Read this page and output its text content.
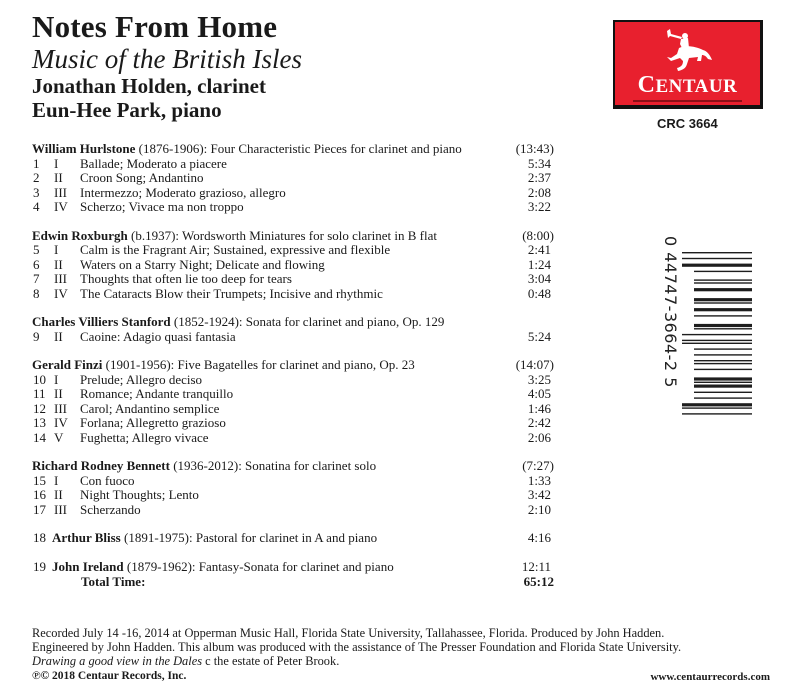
Notes From Home
Music of the British Isles
Jonathan Holden, clarinet
Eun-Hee Park, piano
CENTAUR
CRC 3664
William Hurlstone (1876-1906): Four Characteristic Pieces for clarinet and piano	(13:43)
1 I Ballade; Moderato a piacere	5:34
2 II Croon Song; Andantino	2:37
3 III Intermezzo; Moderato grazioso, allegro	2:08
4 IV Scherzo; Vivace ma non troppo	3:22
Edwin Roxburgh (b.1937): Wordsworth Miniatures for solo clarinet in B flat	(8:00)
5 I Calm is the Fragrant Air; Sustained, expressive and flexible	2:41
6 II Waters on a Starry Night; Delicate and flowing	1:24
7 III Thoughts that often lie too deep for tears	3:04
8 IV The Cataracts Blow their Trumpets; Incisive and rhythmic	0:48
Charles Villiers Stanford (1852-1924): Sonata for clarinet and piano, Op. 129
9 II Caoine: Adagio quasi fantasia	5:24
Gerald Finzi (1901-1956): Five Bagatelles for clarinet and piano, Op. 23	(14:07)
10 I Prelude; Allegro deciso	3:25
11 II Romance; Andante tranquillo	4:05
12 III Carol; Andantino semplice	1:46
13 IV Forlana; Allegretto grazioso	2:42
14 V Fughetta; Allegro vivace	2:06
Richard Rodney Bennett (1936-2012): Sonatina for clarinet solo	(7:27)
15 I Con fuoco	1:33
16 II Night Thoughts; Lento	3:42
17 III Scherzando	2:10
18 Arthur Bliss (1891-1975): Pastoral for clarinet in A and piano	4:16
19 John Ireland (1879-1962): Fantasy-Sonata for clarinet and piano	12:11
Total Time:	65:12
0 44747-3664-2 5
Recorded July 14 -16, 2014 at Opperman Music Hall, Florida State University, Tallahassee, Florida. Produced by John Hadden.
Engineered by John Hadden. This album was produced with the assistance of The Presser Foundation and Florida State University.
Drawing a good view in the Dales c the estate of Peter Brook.
℗© 2018 Centaur Records, Inc.	www.centaurrecords.com
